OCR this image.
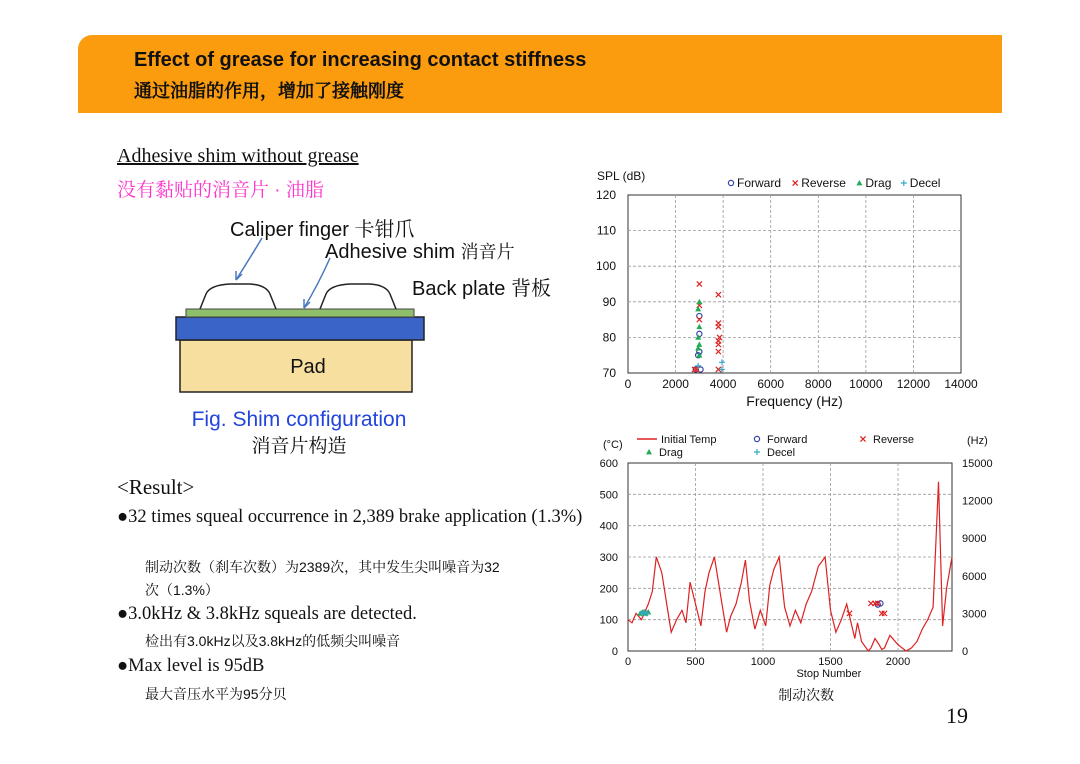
Effect of grease for increasing contact stiffness
通过油脂的作用，增加了接触刚度
Adhesive shim without grease
没有黏贴的消音片 · 油脂
Caliper finger 卡钳爪
Adhesive shim 消音片
Back plate 背板
Pad
Fig. Shim configuration
消音片构造
<Result>
●32 times squeal occurrence in 2,389 brake application (1.3%)
制动次数（刹车次数）为2389次，其中发生尖叫噪音为32
次（1.3%）
●3.0kHz & 3.8kHz squeals are detected.
检出有3.0kHz以及3.8kHz的低频尖叫噪音
●Max level is 95dB
最大音压水平为95分贝
0	2000 4000 6000 8000 10000 12000 14000
70
80
90
100
110
120
SPL (dB)
Frequency (Hz)
Forward Reverse Drag Decel
0	500	1000	1500	2000
0
100
200
300
400
500
600
0
3000
6000
9000
12000
15000
(°C)	(Hz)
Stop Number
制动次数
Initial Temp	Forward	Reverse
Drag	Decel
19
